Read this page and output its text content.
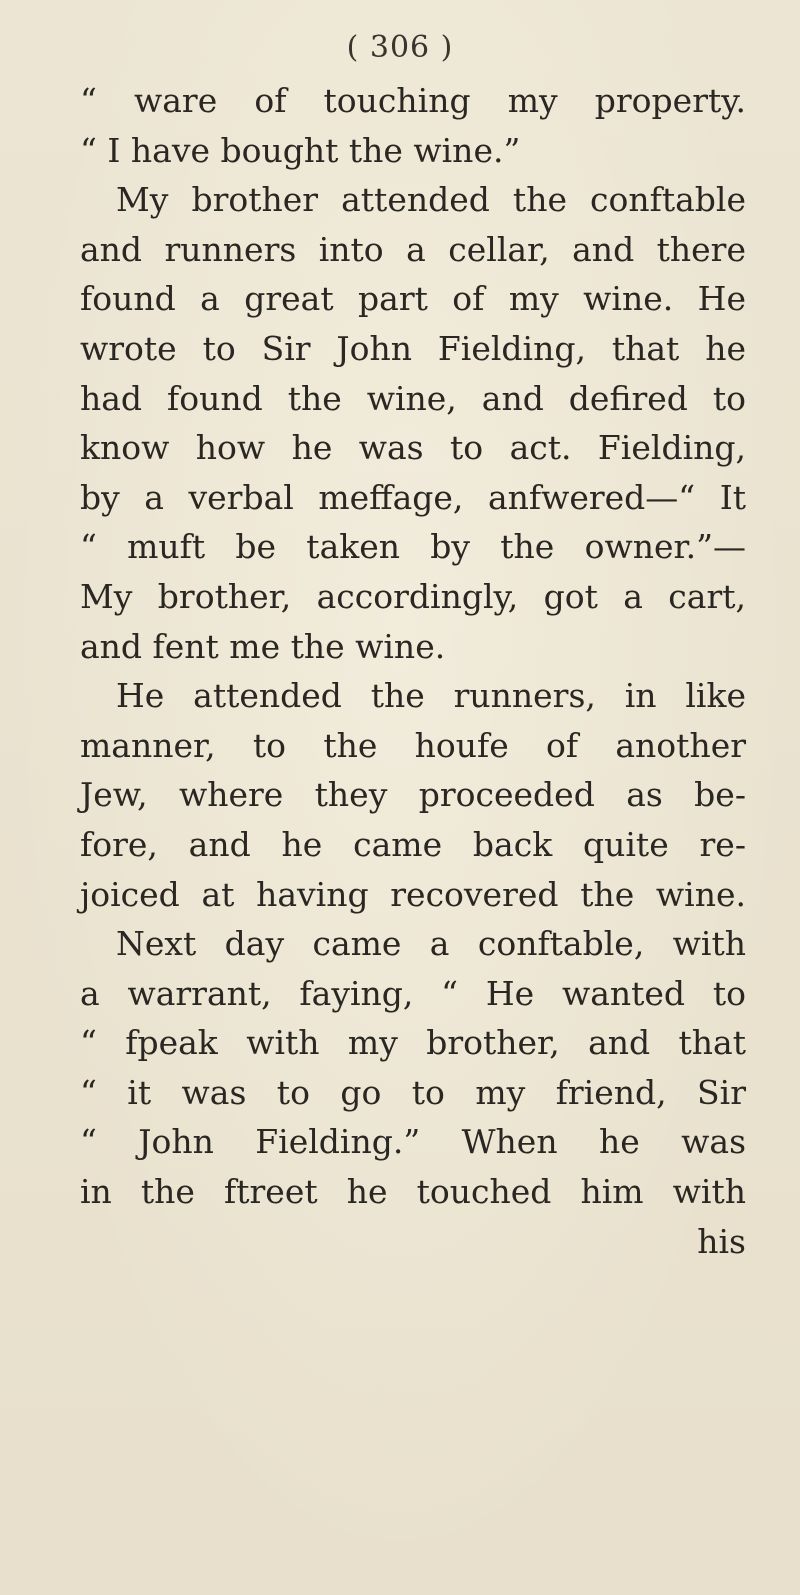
( 306 )
“ ware of touching my property.
“ I have bought the wine.”
My brother attended the conftable
and runners into a cellar, and there
found a great part of my wine. He
wrote to Sir John Fielding, that he
had found the wine, and defired to
know how he was to act. Fielding,
by a verbal meffage, anfwered—“ It
“ muft be taken by the owner.”—
My brother, accordingly, got a cart,
and fent me the wine.
He attended the runners, in like
manner, to the houfe of another
Jew, where they proceeded as be-
fore, and he came back quite re-
joiced at having recovered the wine.
Next day came a conftable, with
a warrant, faying, “ He wanted to
“ fpeak with my brother, and that
“ it was to go to my friend, Sir
“ John Fielding.” When he was
in the ftreet he touched him with
his
